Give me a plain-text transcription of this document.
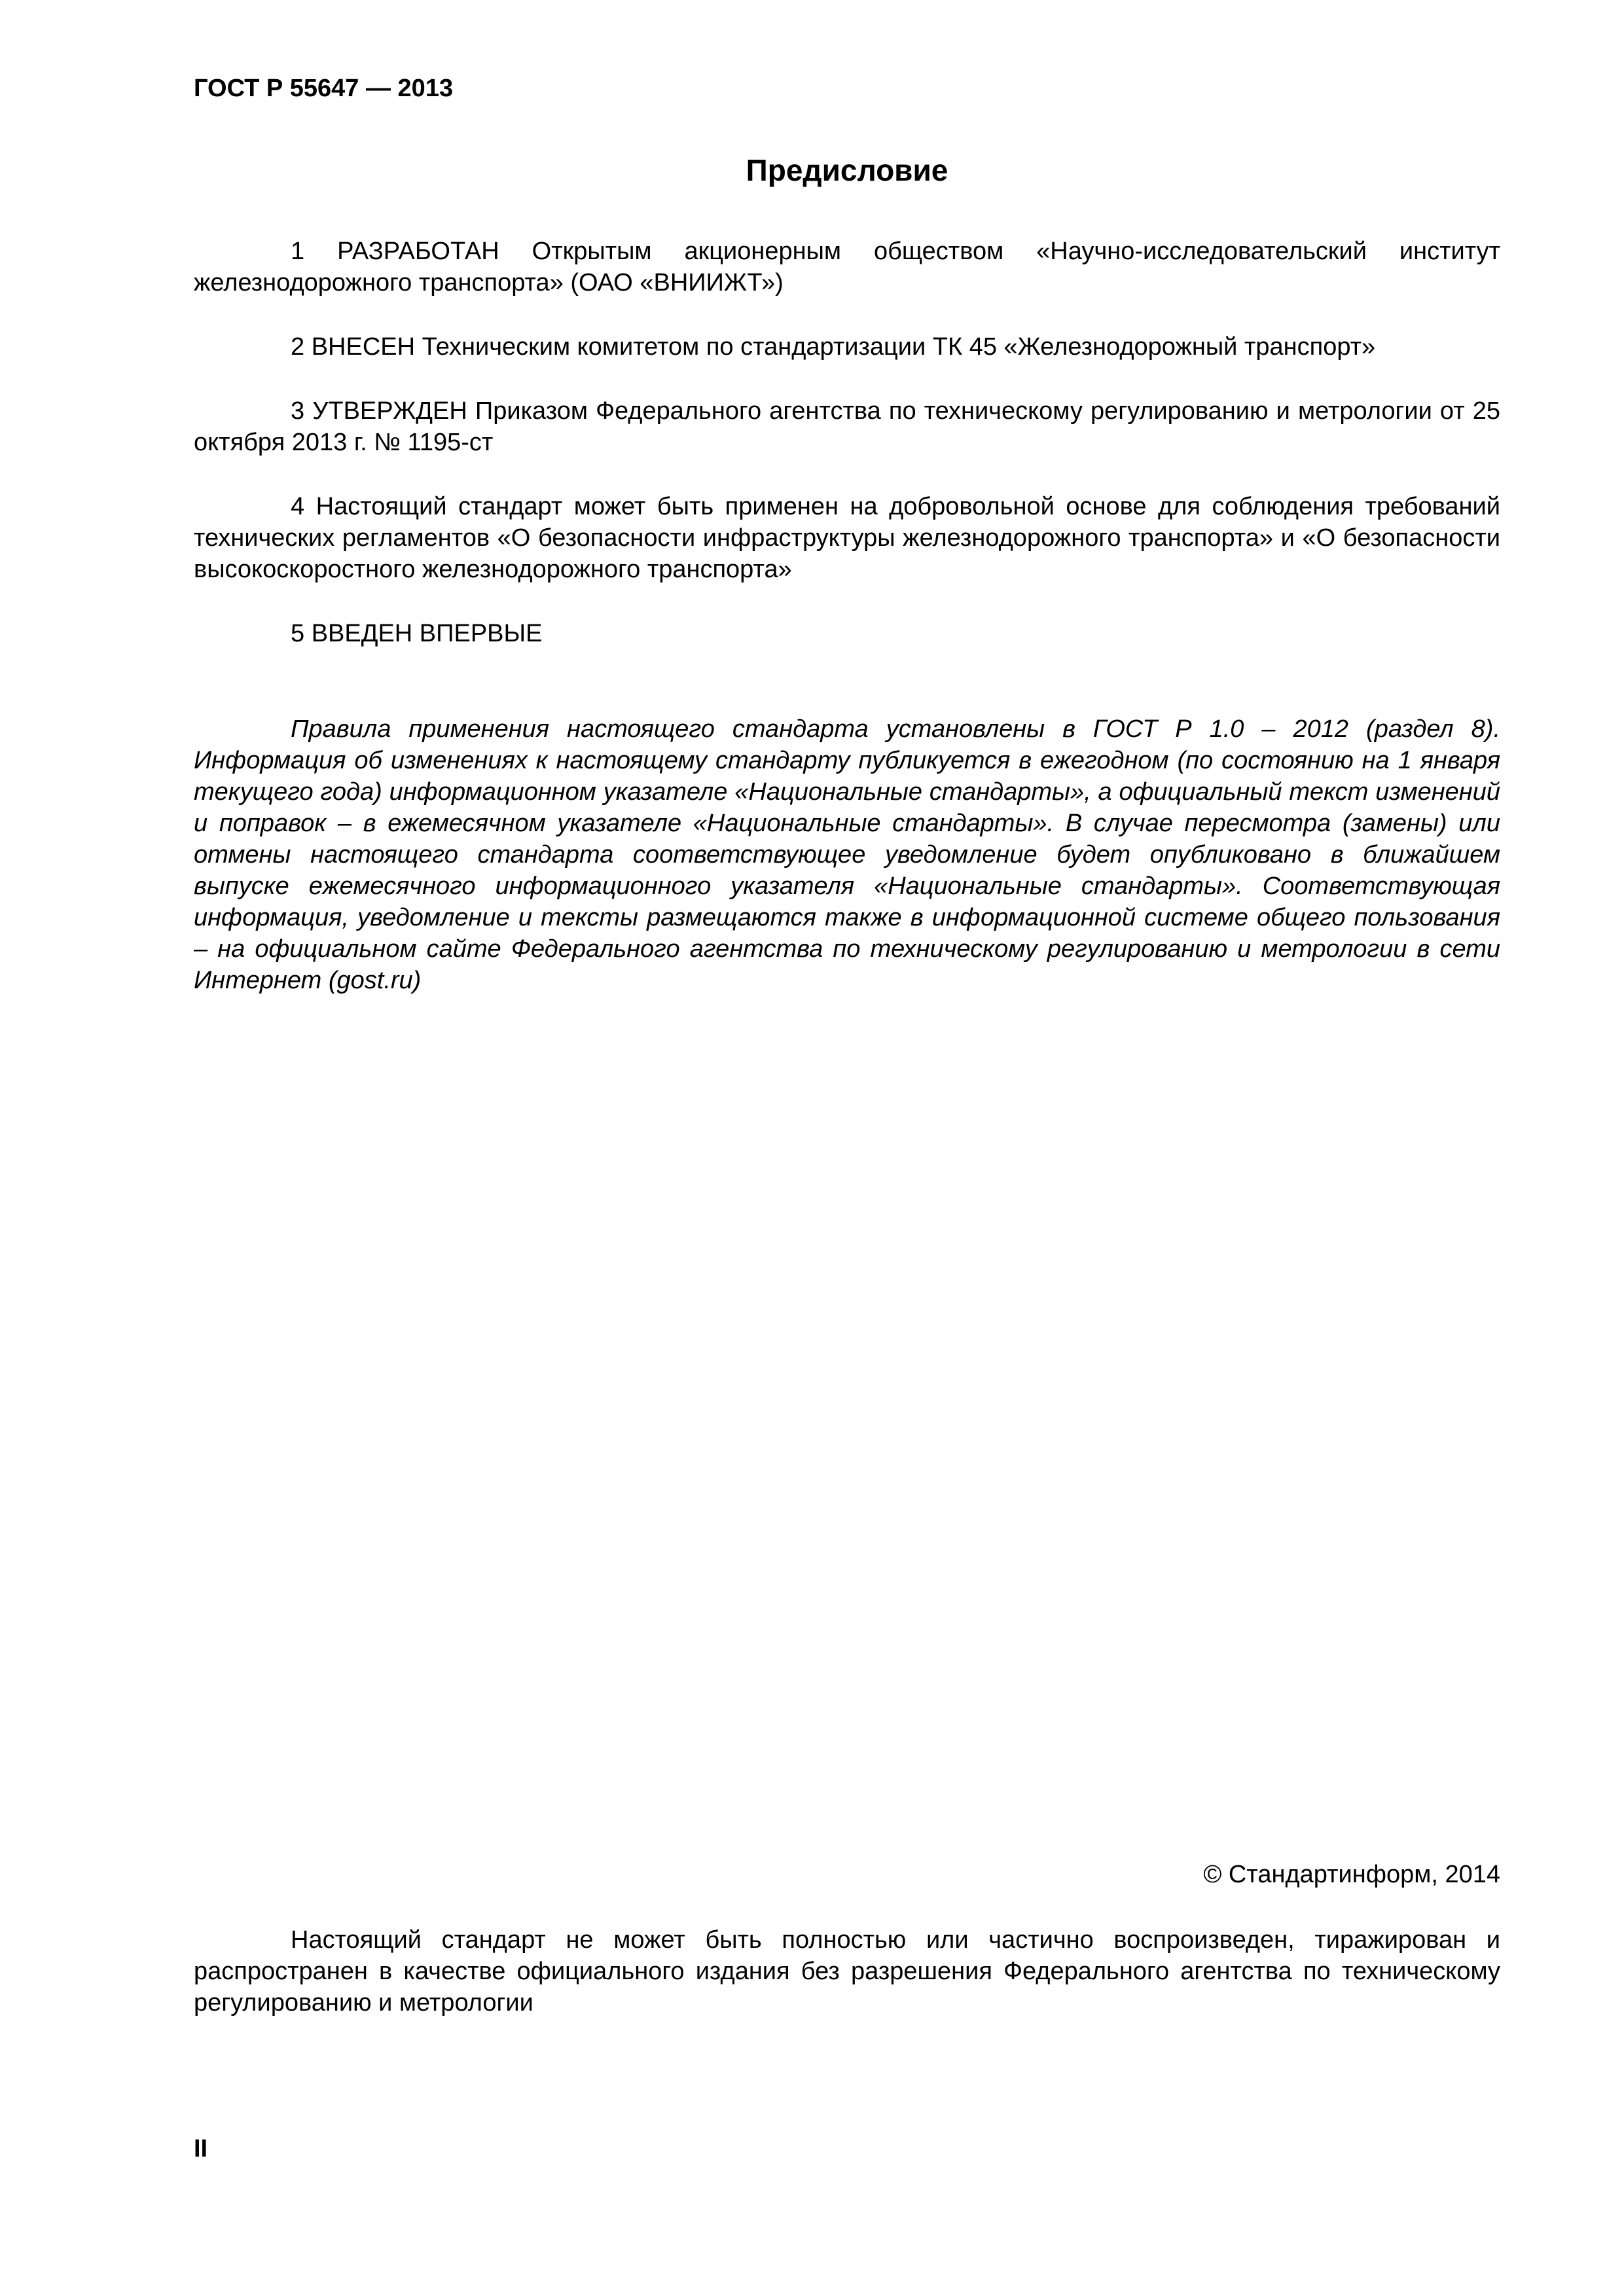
ГОСТ Р 55647 — 2013
Предисловие

1 РАЗРАБОТАН Открытым акционерным обществом «Научно-исследовательский институт железнодорожного транспорта» (ОАО «ВНИИЖТ»)

2 ВНЕСЕН Техническим комитетом по стандартизации ТК 45 «Железнодорожный транспорт»

3 УТВЕРЖДЕН Приказом Федерального агентства по техническому регулированию и метрологии от 25 октября 2013 г. № 1195-ст

4 Настоящий стандарт может быть применен на добровольной основе для соблюдения требований технических регламентов «О безопасности инфраструктуры железнодорожного транспорта» и «О безопасности высокоскоростного железнодорожного транспорта»

5 ВВЕДЕН ВПЕРВЫЕ

Правила применения настоящего стандарта установлены в ГОСТ Р 1.0 – 2012 (раздел 8). Информация об изменениях к настоящему стандарту публикуется в ежегодном (по состоянию на 1 января текущего года) информационном указателе «Национальные стандарты», а официальный текст изменений и поправок – в ежемесячном указателе «Национальные стандарты». В случае пересмотра (замены) или отмены настоящего стандарта соответствующее уведомление будет опубликовано в ближайшем выпуске ежемесячного информационного указателя «Национальные стандарты». Соответствующая информация, уведомление и тексты размещаются также в информационной системе общего пользования – на официальном сайте Федерального агентства по техническому регулированию и метрологии в сети Интернет (gost.ru)

© Стандартинформ, 2014

Настоящий стандарт не может быть полностью или частично воспроизведен, тиражирован и распространен в качестве официального издания без разрешения Федерального агентства по техническому регулированию и метрологии

II
